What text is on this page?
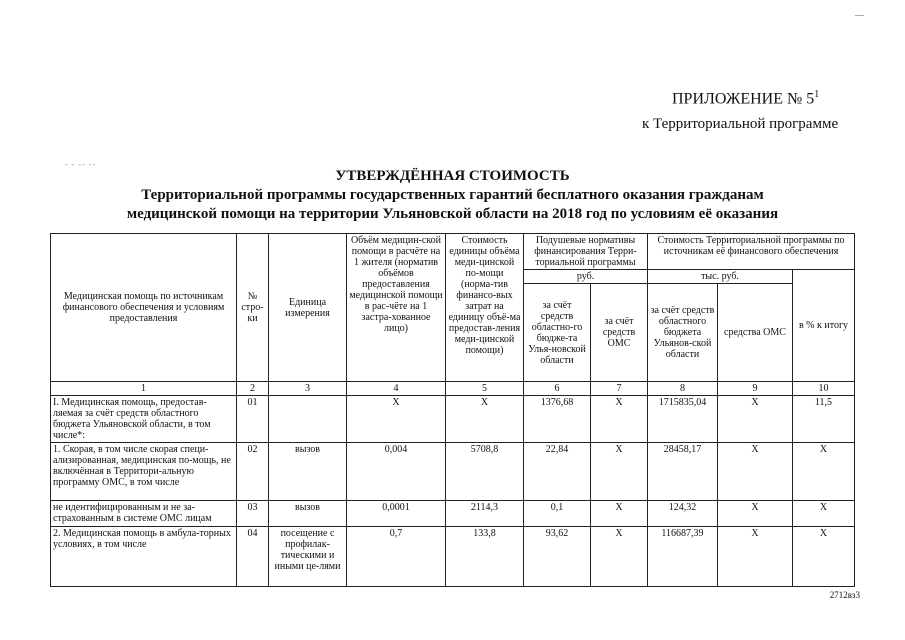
—
- - -- --
ПРИЛОЖЕНИЕ № $5^1$
к Территориальной программе
УТВЕРЖДЁННАЯ СТОИМОСТЬ
Территориальной программы государственных гарантий бесплатного оказания гражданам
медицинской помощи на территории Ульяновской области на 2018 год по условиям её оказания
Медицинская помощь по источникам финансового обеспечения и условиям предоставления	№ стро-ки	Единица измерения	Объём медицин-ской помощи в расчёте на 1 жителя (норматив объёмов предоставления медицинской помощи в рас-чёте на 1 застра-хованное лицо)	Стоимость единицы объёма меди-цинской по-мощи (норма-тив финансо-вых затрат на единицу объё-ма предостав-ления меди-цинской помощи)	Подушевые нормативы финансирования Терри-ториальной программы		Стоимость Территориальной программы по источникам её финансового обеспечения		
					руб.		тыс. руб.		в % к итогу
					за счёт средств областно-го бюдже-та Улья-новской области	за счёт средств ОМС	за счёт средств областного бюджета Ульянов-ской области	средства ОМС	
1	2	3	4	5	6	7	8	9	10
I. Медицинская помощь, предостав-ляемая за счёт средств областного бюджета Ульяновской области, в том числе*:	01		X	X	1376,68	X	1715835,04	X	11,5
1. Скорая, в том числе скорая специ-ализированная, медицинская по-мощь, не включённая в Территори-альную программу ОМС, в том числе	02	вызов	0,004	5708,8	22,84	X	28458,17	X	X
не идентифицированным и не за-страхованным в системе ОМС лицам	03	вызов	0,0001	2114,3	0,1	X	124,32	X	X
2. Медицинская помощь в амбула-торных условиях, в том числе	04	посещение с профилак-тическими и иными це-лями	0,7	133,8	93,62	X	116687,39	X	X
2712вз3
